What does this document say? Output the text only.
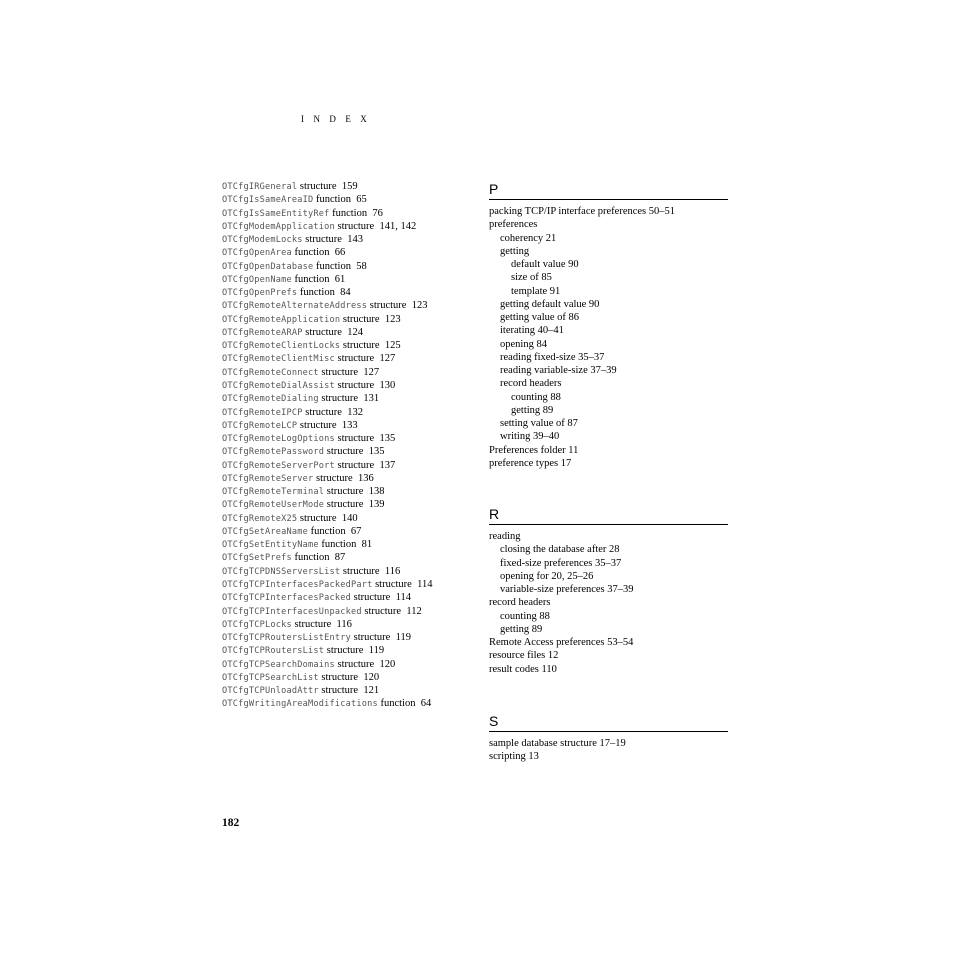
I N D E X
OTCfgIRGeneral structure  159
OTCfgIsSameAreaID function  65
OTCfgIsSameEntityRef function  76
OTCfgModemApplication structure  141, 142
OTCfgModemLocks structure  143
OTCfgOpenArea function  66
OTCfgOpenDatabase function  58
OTCfgOpenName function  61
OTCfgOpenPrefs function  84
OTCfgRemoteAlternateAddress structure  123
OTCfgRemoteApplication structure  123
OTCfgRemoteARAP structure  124
OTCfgRemoteClientLocks structure  125
OTCfgRemoteClientMisc structure  127
OTCfgRemoteConnect structure  127
OTCfgRemoteDialAssist structure  130
OTCfgRemoteDialing structure  131
OTCfgRemoteIPCP structure  132
OTCfgRemoteLCP structure  133
OTCfgRemoteLogOptions structure  135
OTCfgRemotePassword structure  135
OTCfgRemoteServerPort structure  137
OTCfgRemoteServer structure  136
OTCfgRemoteTerminal structure  138
OTCfgRemoteUserMode structure  139
OTCfgRemoteX25 structure  140
OTCfgSetAreaName function  67
OTCfgSetEntityName function  81
OTCfgSetPrefs function  87
OTCfgTCPDNSServersList structure  116
OTCfgTCPInterfacesPackedPart structure  114
OTCfgTCPInterfacesPacked structure  114
OTCfgTCPInterfacesUnpacked structure  112
OTCfgTCPLocks structure  116
OTCfgTCPRoutersListEntry structure  119
OTCfgTCPRoutersList structure  119
OTCfgTCPSearchDomains structure  120
OTCfgTCPSearchList structure  120
OTCfgTCPUnloadAttr structure  121
OTCfgWritingAreaModifications function  64
P
packing TCP/IP interface preferences 50–51
preferences
coherency 21
getting
default value 90
size of 85
template 91
getting default value 90
getting value of 86
iterating 40–41
opening 84
reading fixed-size 35–37
reading variable-size 37–39
record headers
counting 88
getting 89
setting value of 87
writing 39–40
Preferences folder 11
preference types 17
R
reading
closing the database after 28
fixed-size preferences 35–37
opening for 20, 25–26
variable-size preferences 37–39
record headers
counting 88
getting 89
Remote Access preferences 53–54
resource files 12
result codes 110
S
sample database structure 17–19
scripting 13
182
